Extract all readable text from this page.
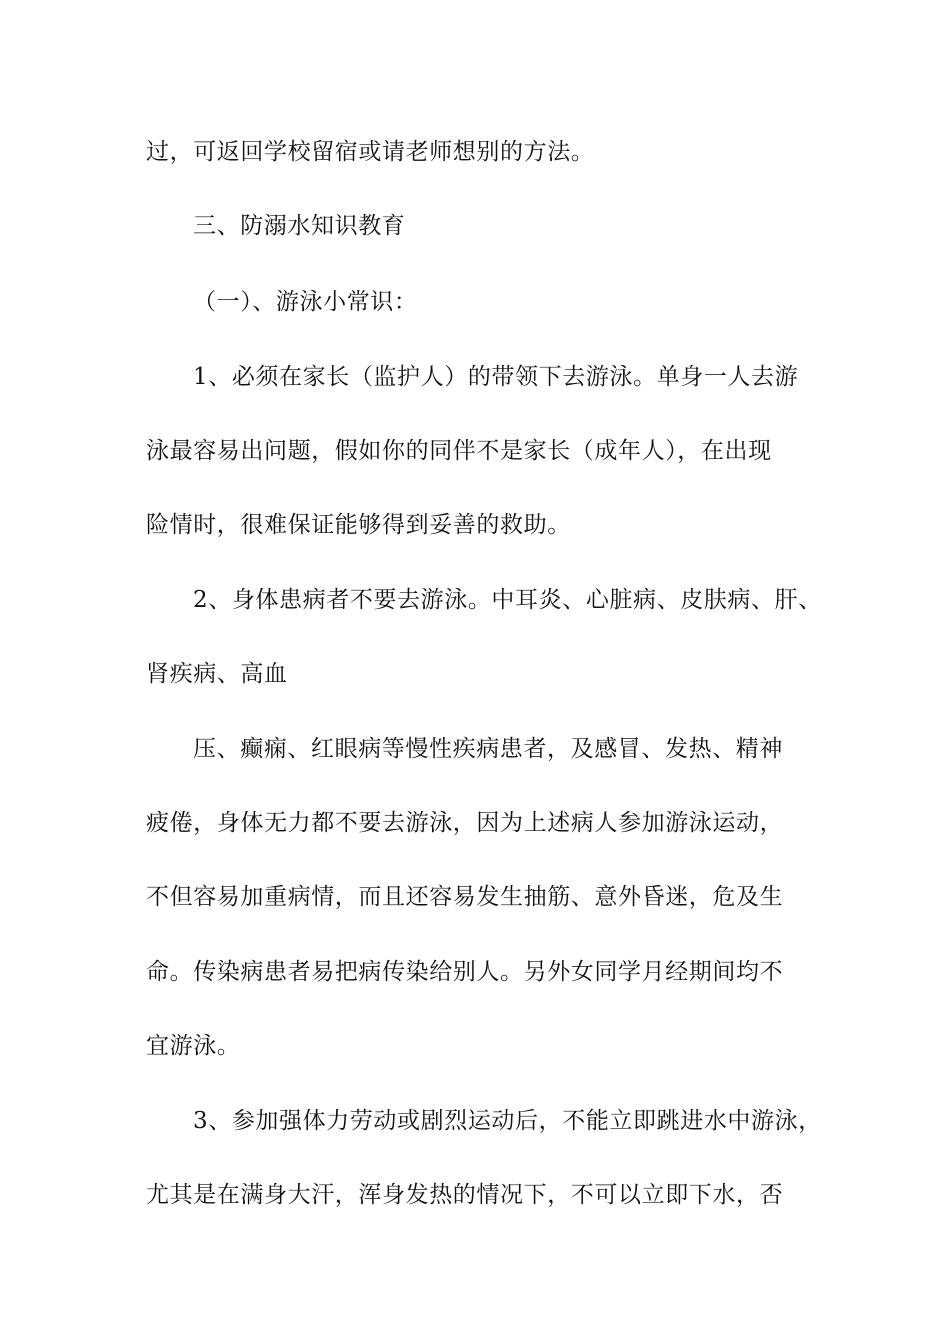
过，可返回学校留宿或请老师想别的方法。
三、防溺水知识教育
（一）、游泳小常识：
1、必须在家长（监护人）的带领下去游泳。单身一人去游
泳最容易出问题，假如你的同伴不是家长（成年人），在出现
险情时，很难保证能够得到妥善的救助。
2、身体患病者不要去游泳。中耳炎、心脏病、皮肤病、肝、
肾疾病、高血
压、癫痫、红眼病等慢性疾病患者，及感冒、发热、精神
疲倦，身体无力都不要去游泳，因为上述病人参加游泳运动，
不但容易加重病情，而且还容易发生抽筋、意外昏迷，危及生
命。传染病患者易把病传染给别人。另外女同学月经期间均不
宜游泳。
3、参加强体力劳动或剧烈运动后，不能立即跳进水中游泳，
尤其是在满身大汗，浑身发热的情况下，不可以立即下水，否
